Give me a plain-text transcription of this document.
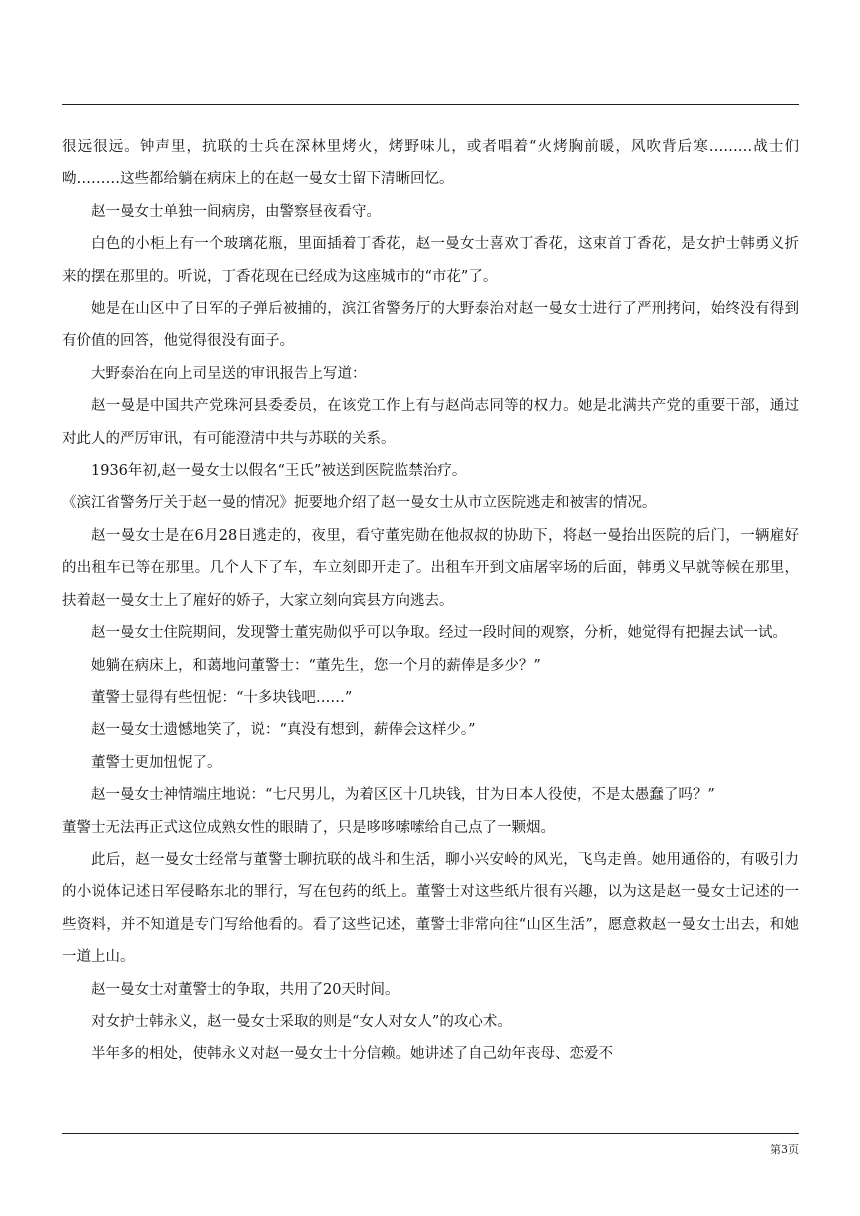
很远很远。钟声里，抗联的士兵在深林里烤火，烤野味儿，或者唱着“火烤胸前暖，风吹背后寒………战士们呦………这些都给躺在病床上的在赵一曼女士留下清晰回忆。

赵一曼女士单独一间病房，由警察昼夜看守。

白色的小柜上有一个玻璃花瓶，里面插着丁香花，赵一曼女士喜欢丁香花，这束首丁香花，是女护士韩勇义折来的摆在那里的。听说，丁香花现在已经成为这座城市的“市花”了。

她是在山区中了日军的子弹后被捕的，滨江省警务厅的大野泰治对赵一曼女士进行了严刑拷问，始终没有得到有价值的回答，他觉得很没有面子。

大野泰治在向上司呈送的审讯报告上写道：

赵一曼是中国共产党珠河县委委员，在该党工作上有与赵尚志同等的权力。她是北满共产党的重要干部，通过对此人的严厉审讯，有可能澄清中共与苏联的关系。

1936年初,赵一曼女士以假名“王氏”被送到医院监禁治疗。

《滨江省警务厅关于赵一曼的情况》扼要地介绍了赵一曼女士从市立医院逃走和被害的情况。

赵一曼女士是在6月28日逃走的，夜里，看守董宪勋在他叔叔的协助下，将赵一曼抬出医院的后门，一辆雇好的出租车已等在那里。几个人下了车，车立刻即开走了。出租车开到文庙屠宰场的后面，韩勇义早就等候在那里，扶着赵一曼女士上了雇好的娇子，大家立刻向宾县方向逃去。

赵一曼女士住院期间，发现警士董宪勋似乎可以争取。经过一段时间的观察，分析，她觉得有把握去试一试。

她躺在病床上，和蔼地问董警士：“董先生，您一个月的薪俸是多少？”

董警士显得有些忸怩：“十多块钱吧……”

赵一曼女士遗憾地笑了，说：“真没有想到，薪俸会这样少。”

董警士更加忸怩了。

赵一曼女士神情端庄地说：“七尺男儿，为着区区十几块钱，甘为日本人役使，不是太愚蠢了吗？”

董警士无法再正式这位成熟女性的眼睛了，只是哆哆嗦嗦给自己点了一颗烟。

此后，赵一曼女士经常与董警士聊抗联的战斗和生活，聊小兴安岭的风光，飞鸟走兽。她用通俗的，有吸引力的小说体记述日军侵略东北的罪行，写在包药的纸上。董警士对这些纸片很有兴趣，以为这是赵一曼女士记述的一些资料，并不知道是专门写给他看的。看了这些记述，董警士非常向往“山区生活”，愿意救赵一曼女士出去，和她一道上山。

赵一曼女士对董警士的争取，共用了20天时间。

对女护士韩永义，赵一曼女士采取的则是“女人对女人”的攻心术。

半年多的相处，使韩永义对赵一曼女士十分信赖。她讲述了自己幼年丧母、恋爱不

第3页
